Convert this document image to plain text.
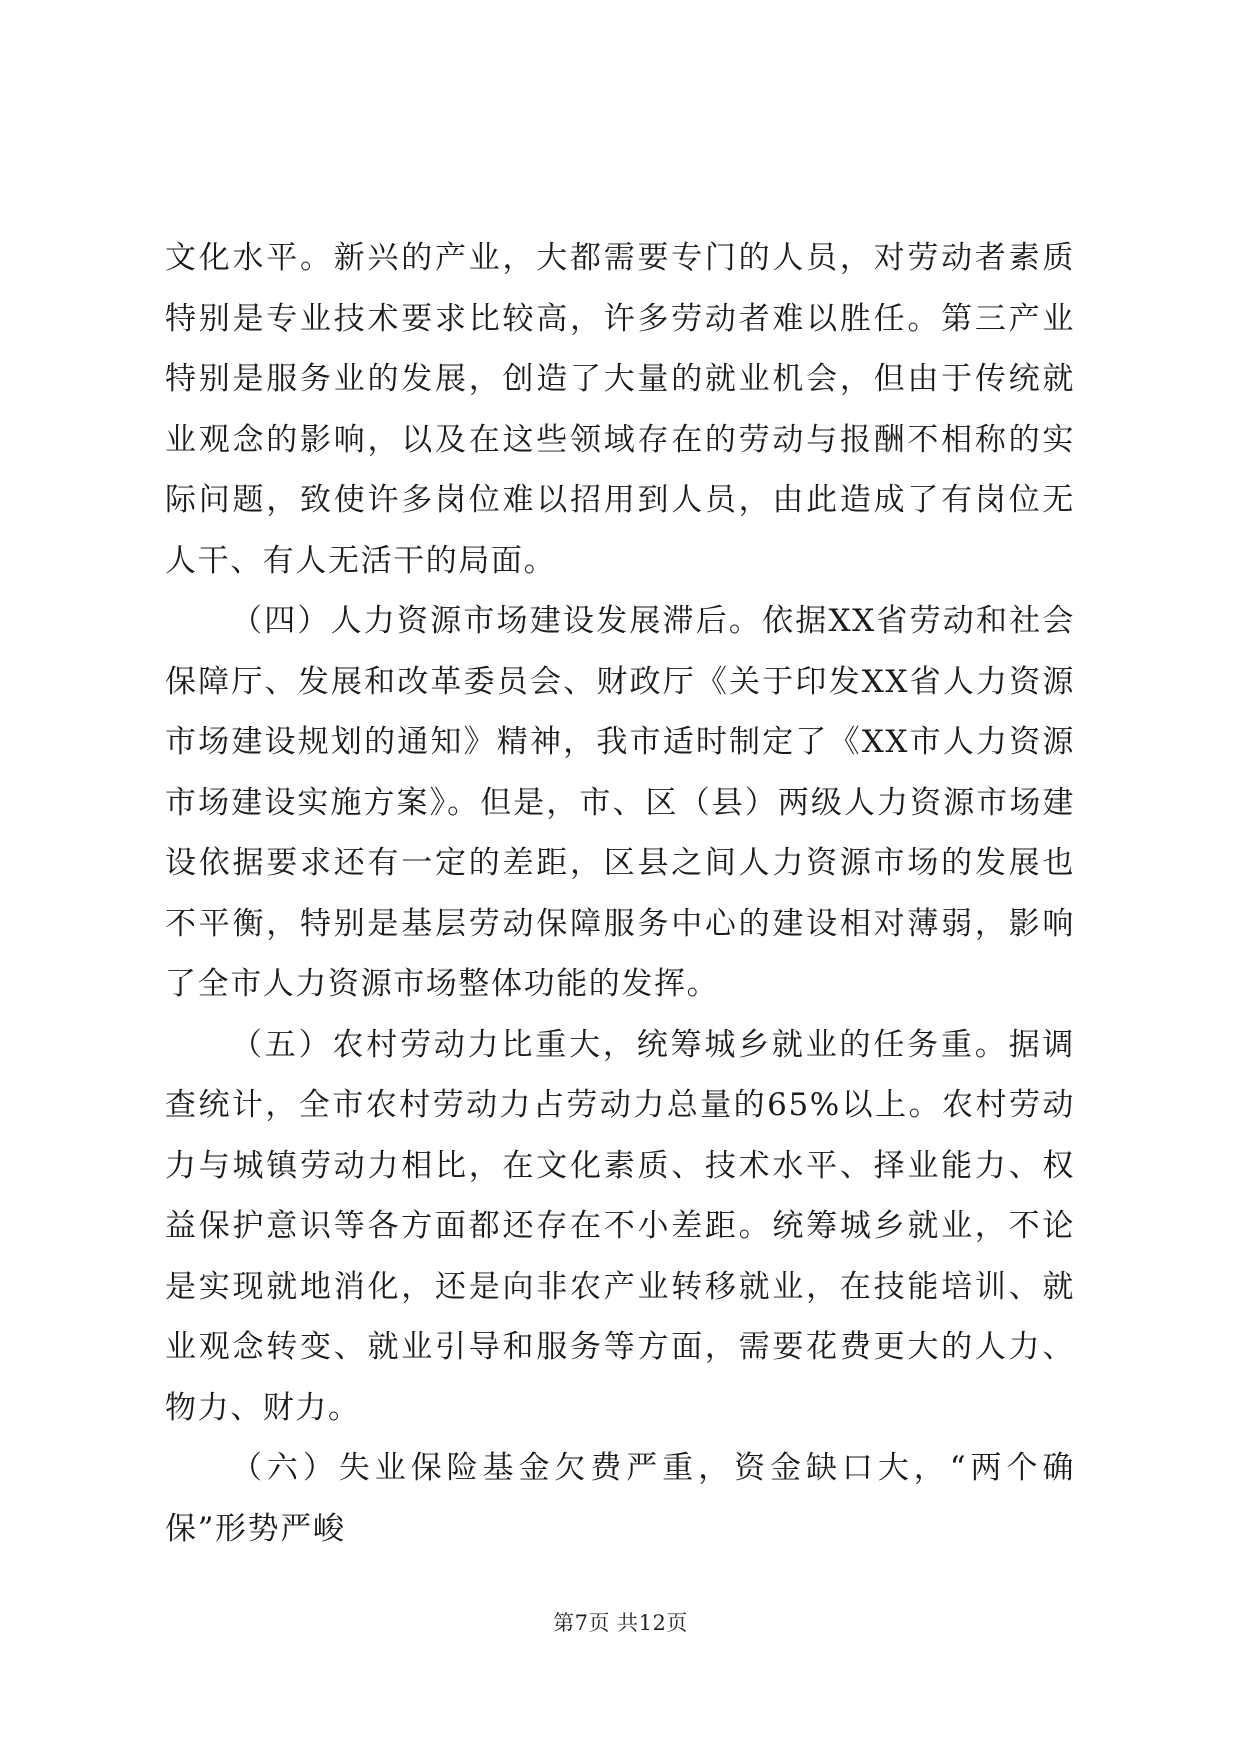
文化水平。新兴的产业，大都需要专门的人员，对劳动者素质特别是专业技术要求比较高，许多劳动者难以胜任。第三产业特别是服务业的发展，创造了大量的就业机会，但由于传统就业观念的影响，以及在这些领域存在的劳动与报酬不相称的实际问题，致使许多岗位难以招用到人员，由此造成了有岗位无人干、有人无活干的局面。

（四）人力资源市场建设发展滞后。依据XX省劳动和社会保障厅、发展和改革委员会、财政厅《关于印发XX省人力资源市场建设规划的通知》精神，我市适时制定了《XX市人力资源市场建设实施方案》。但是，市、区（县）两级人力资源市场建设依据要求还有一定的差距，区县之间人力资源市场的发展也不平衡，特别是基层劳动保障服务中心的建设相对薄弱，影响了全市人力资源市场整体功能的发挥。

（五）农村劳动力比重大，统筹城乡就业的任务重。据调查统计，全市农村劳动力占劳动力总量的65%以上。农村劳动力与城镇劳动力相比，在文化素质、技术水平、择业能力、权益保护意识等各方面都还存在不小差距。统筹城乡就业，不论是实现就地消化，还是向非农产业转移就业，在技能培训、就业观念转变、就业引导和服务等方面，需要花费更大的人力、物力、财力。

（六）失业保险基金欠费严重，资金缺口大，“两个确保”形势严峻

第7页 共12页
